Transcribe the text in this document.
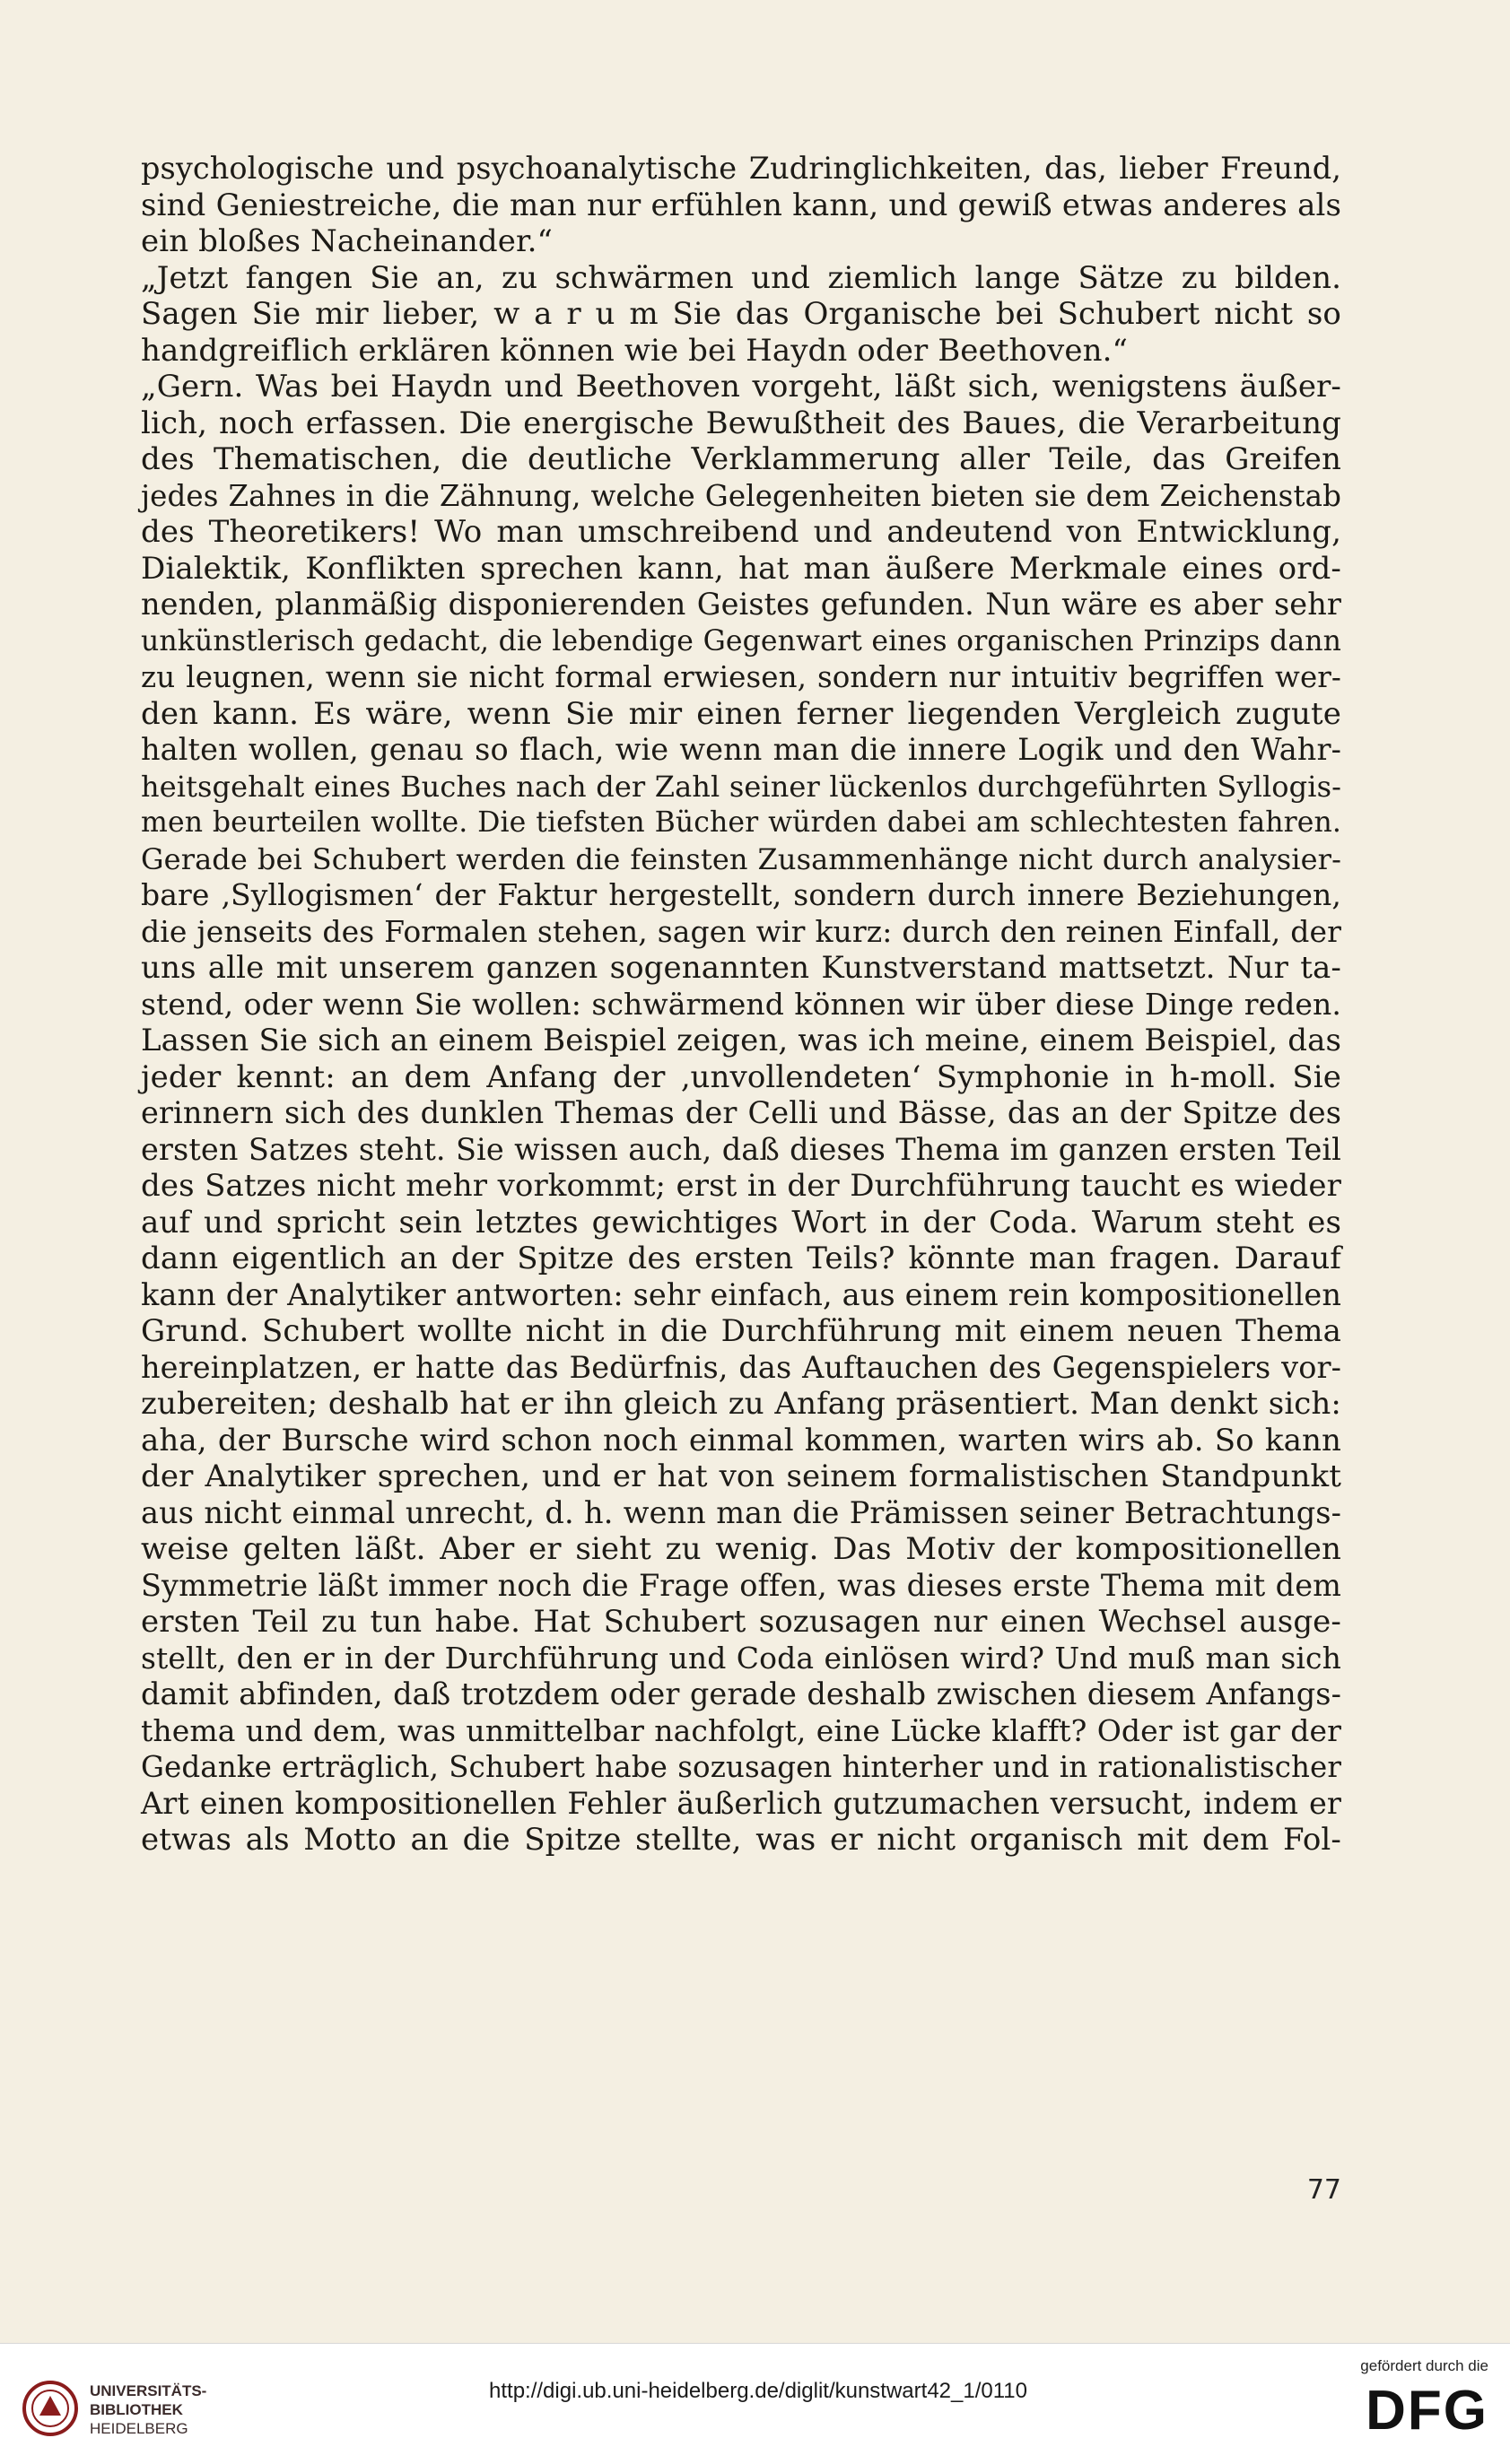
psychologische und psychoanalytische Zudringlichkeiten, das, lieber Freund,
sind Geniestreiche, die man nur erfühlen kann, und gewiß etwas anderes als
ein bloßes Nacheinander.“
„Jetzt fangen Sie an, zu schwärmen und ziemlich lange Sätze zu bilden.
Sagen Sie mir lieber, w a r u m Sie das Organische bei Schubert nicht so
handgreiflich erklären können wie bei Haydn oder Beethoven.“
„Gern. Was bei Haydn und Beethoven vorgeht, läßt sich, wenigstens äußer-
lich, noch erfassen. Die energische Bewußtheit des Baues, die Verarbeitung
des Thematischen, die deutliche Verklammerung aller Teile, das Greifen
jedes Zahnes in die Zähnung, welche Gelegenheiten bieten sie dem Zeichenstab
des Theoretikers! Wo man umschreibend und andeutend von Entwicklung,
Dialektik, Konflikten sprechen kann, hat man äußere Merkmale eines ord-
nenden, planmäßig disponierenden Geistes gefunden. Nun wäre es aber sehr
unkünstlerisch gedacht, die lebendige Gegenwart eines organischen Prinzips dann
zu leugnen, wenn sie nicht formal erwiesen, sondern nur intuitiv begriffen wer-
den kann. Es wäre, wenn Sie mir einen ferner liegenden Vergleich zugute
halten wollen, genau so flach, wie wenn man die innere Logik und den Wahr-
heitsgehalt eines Buches nach der Zahl seiner lückenlos durchgeführten Syllogis-
men beurteilen wollte. Die tiefsten Bücher würden dabei am schlechtesten fahren.
Gerade bei Schubert werden die feinsten Zusammenhänge nicht durch analysier-
bare ‚Syllogismen‘ der Faktur hergestellt, sondern durch innere Beziehungen,
die jenseits des Formalen stehen, sagen wir kurz: durch den reinen Einfall, der
uns alle mit unserem ganzen sogenannten Kunstverstand mattsetzt. Nur ta-
stend, oder wenn Sie wollen: schwärmend können wir über diese Dinge reden.
Lassen Sie sich an einem Beispiel zeigen, was ich meine, einem Beispiel, das
jeder kennt: an dem Anfang der ‚unvollendeten‘ Symphonie in h-moll. Sie
erinnern sich des dunklen Themas der Celli und Bässe, das an der Spitze des
ersten Satzes steht. Sie wissen auch, daß dieses Thema im ganzen ersten Teil
des Satzes nicht mehr vorkommt; erst in der Durchführung taucht es wieder
auf und spricht sein letztes gewichtiges Wort in der Coda. Warum steht es
dann eigentlich an der Spitze des ersten Teils? könnte man fragen. Darauf
kann der Analytiker antworten: sehr einfach, aus einem rein kompositionellen
Grund. Schubert wollte nicht in die Durchführung mit einem neuen Thema
hereinplatzen, er hatte das Bedürfnis, das Auftauchen des Gegenspielers vor-
zubereiten; deshalb hat er ihn gleich zu Anfang präsentiert. Man denkt sich:
aha, der Bursche wird schon noch einmal kommen, warten wirs ab. So kann
der Analytiker sprechen, und er hat von seinem formalistischen Standpunkt
aus nicht einmal unrecht, d. h. wenn man die Prämissen seiner Betrachtungs-
weise gelten läßt. Aber er sieht zu wenig. Das Motiv der kompositionellen
Symmetrie läßt immer noch die Frage offen, was dieses erste Thema mit dem
ersten Teil zu tun habe. Hat Schubert sozusagen nur einen Wechsel ausge-
stellt, den er in der Durchführung und Coda einlösen wird? Und muß man sich
damit abfinden, daß trotzdem oder gerade deshalb zwischen diesem Anfangs-
thema und dem, was unmittelbar nachfolgt, eine Lücke klafft? Oder ist gar der
Gedanke erträglich, Schubert habe sozusagen hinterher und in rationalistischer
Art einen kompositionellen Fehler äußerlich gutzumachen versucht, indem er
etwas als Motto an die Spitze stellte, was er nicht organisch mit dem Fol-
77
UNIVERSITÄTS-
BIBLIOTHEK
HEIDELBERG
http://digi.ub.uni-heidelberg.de/diglit/kunstwart42_1/0110
gefördert durch die
DFG
